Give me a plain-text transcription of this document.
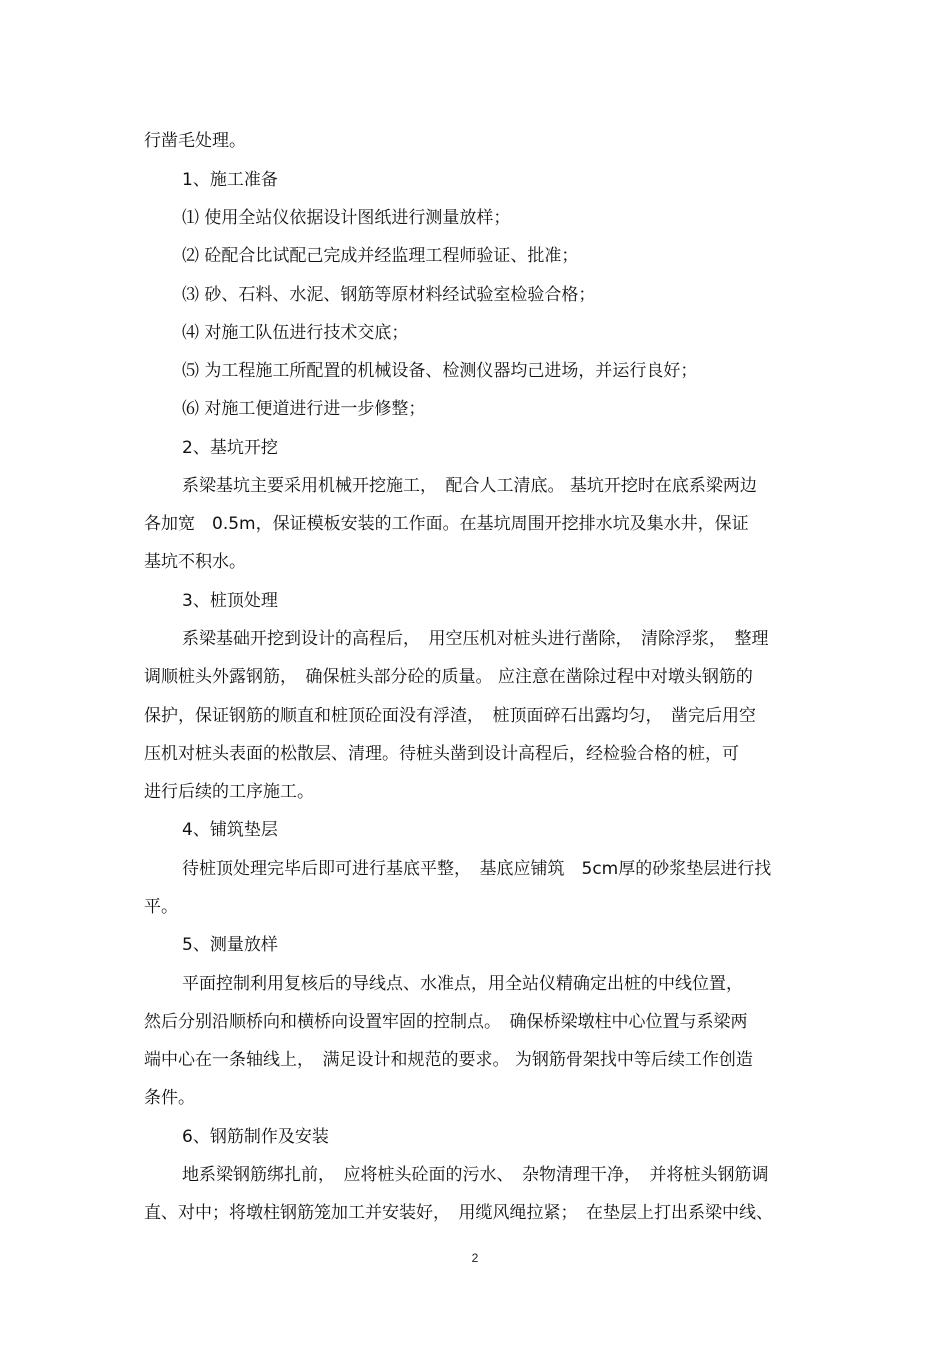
行凿毛处理。
1、施工准备
⑴ 使用全站仪依据设计图纸进行测量放样；
⑵ 砼配合比试配己完成并经监理工程师验证、批准；
⑶ 砂、石料、水泥、钢筋等原材料经试验室检验合格；
⑷ 对施工队伍进行技术交底；
⑸ 为工程施工所配置的机械设备、检测仪器均己进场，并运行良好；
⑹ 对施工便道进行进一步修整；
2、基坑开挖
系梁基坑主要采用机械开挖施工，　配合人工清底。 基坑开挖时在底系梁两边
各加宽　0.5m，保证模板安装的工作面。在基坑周围开挖排水坑及集水井，保证
基坑不积水。
3、桩顶处理
系梁基础开挖到设计的高程后，　用空压机对桩头进行凿除，　清除浮浆，　整理
调顺桩头外露钢筋，　确保桩头部分砼的质量。 应注意在凿除过程中对墩头钢筋的
保护，保证钢筋的顺直和桩顶砼面没有浮渣，　桩顶面碎石出露均匀，　凿完后用空
压机对桩头表面的松散层、清理。待桩头凿到设计高程后，经检验合格的桩，可
进行后续的工序施工。
4、铺筑垫层
待桩顶处理完毕后即可进行基底平整，　基底应铺筑　5cm厚的砂浆垫层进行找
平。
5、测量放样
平面控制利用复核后的导线点、水准点，用全站仪精确定出桩的中线位置，
然后分别沿顺桥向和横桥向设置牢固的控制点。　确保桥梁墩柱中心位置与系梁两
端中心在一条轴线上，　满足设计和规范的要求。 为钢筋骨架找中等后续工作创造
条件。
6、钢筋制作及安装
地系梁钢筋绑扎前，　应将桩头砼面的污水、　杂物清理干净，　并将桩头钢筋调
直、对中；将墩柱钢筋笼加工并安装好，　用缆风绳拉紧；　在垫层上打出系梁中线、
2
